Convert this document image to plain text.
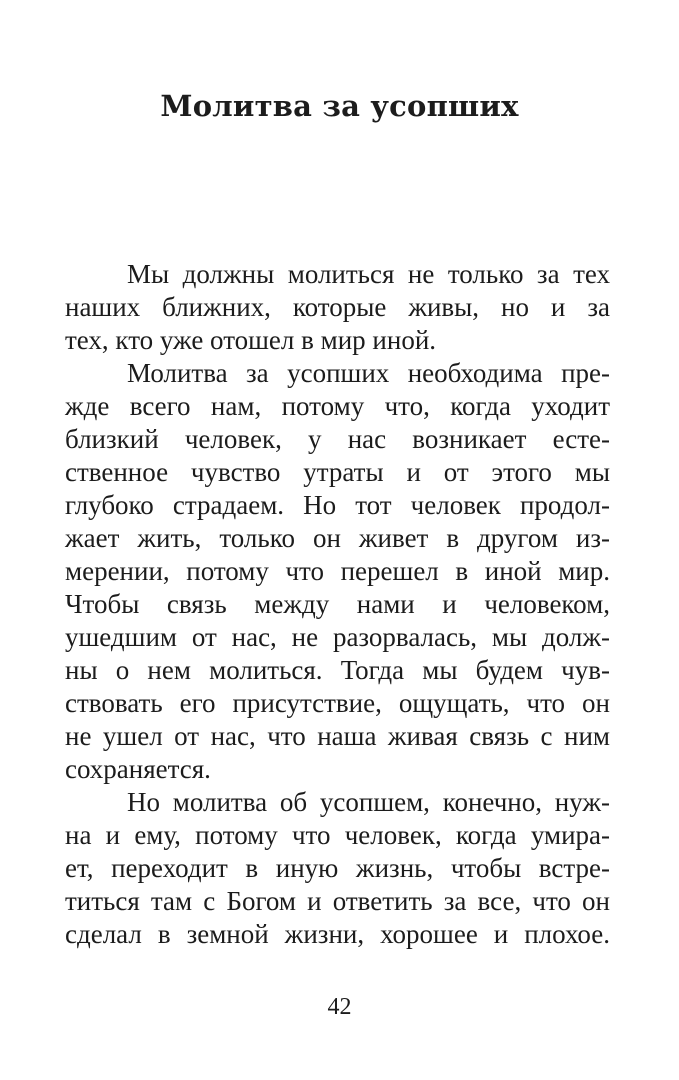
Молитва за усопших
Мы должны молиться не только за тех
наших ближних, которые живы, но и за
тех, кто уже отошел в мир иной.
Молитва за усопших необходима пре-
жде всего нам, потому что, когда уходит
близкий человек, у нас возникает есте-
ственное чувство утраты и от этого мы
глубоко страдаем. Но тот человек продол-
жает жить, только он живет в другом из-
мерении, потому что перешел в иной мир.
Чтобы связь между нами и человеком,
ушедшим от нас, не разорвалась, мы долж-
ны о нем молиться. Тогда мы будем чув-
ствовать его присутствие, ощущать, что он
не ушел от нас, что наша живая связь с ним
сохраняется.
Но молитва об усопшем, конечно, нуж-
на и ему, потому что человек, когда умира-
ет, переходит в иную жизнь, чтобы встре-
титься там с Богом и ответить за все, что он
сделал в земной жизни, хорошее и плохое.
42
